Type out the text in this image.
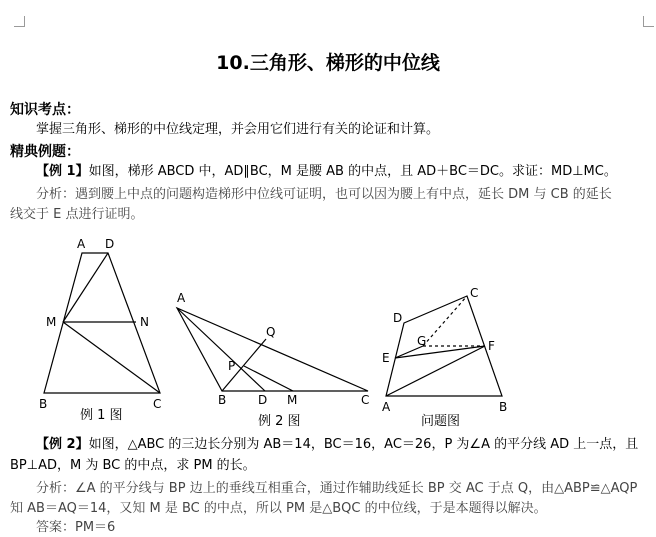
10.三角形、梯形的中位线
知识考点：
掌握三角形、梯形的中位线定理，并会用它们进行有关的论证和计算。
精典例题：
【例 1】如图，梯形 ABCD 中，AD∥BC，M 是腰 AB 的中点，且 AD＋BC＝DC。求证：MD⊥MC。
分析：遇到腰上中点的问题构造梯形中位线可证明，也可以因为腰上有中点，延长 DM 与 CB 的延长
线交于 E 点进行证明。
A D
M	N
B	C
例 1 图
A
Q
P
B	D M	C
例 2 图
C
D
G	F
E
A	B
问题图
【例 2】如图，△ABC 的三边长分别为 AB＝14，BC＝16，AC＝26，P 为∠A 的平分线 AD 上一点，且
BP⊥AD，M 为 BC 的中点，求 PM 的长。
分析：∠A 的平分线与 BP 边上的垂线互相重合，通过作辅助线延长 BP 交 AC 于点 Q，由△ABP≌△AQP
知 AB＝AQ＝14，又知 M 是 BC 的中点，所以 PM 是△BQC 的中位线，于是本题得以解决。
答案：PM＝6
